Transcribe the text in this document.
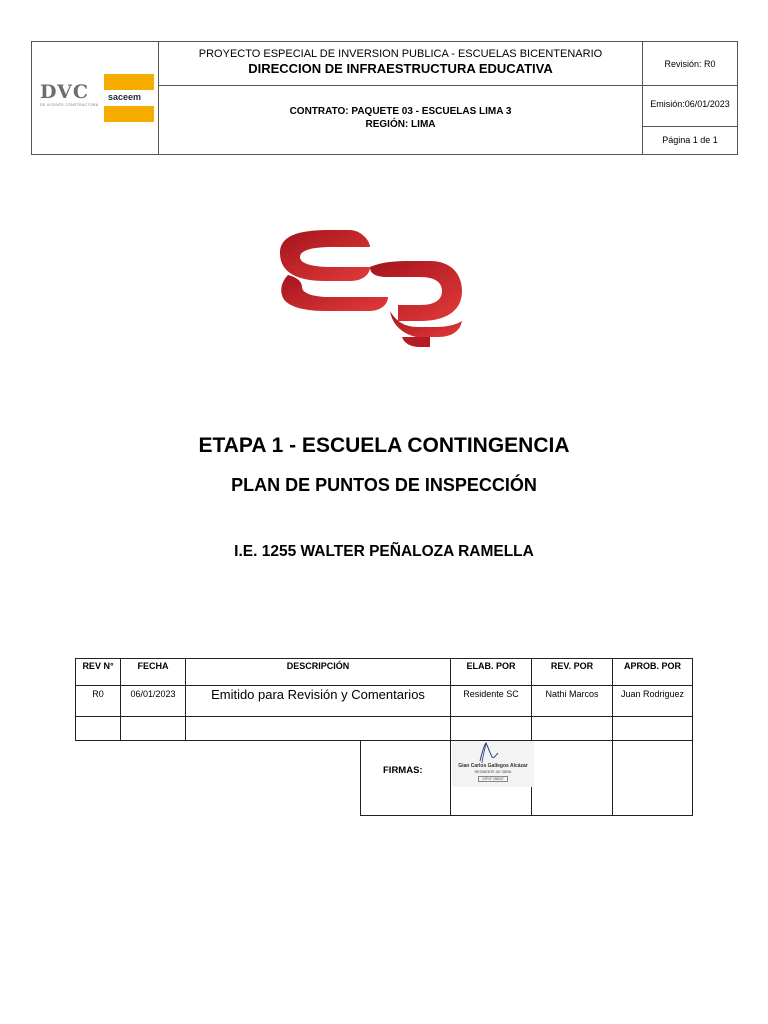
DVC
DE VICENTE CONSTRUCTORA
saceem
PROYECTO ESPECIAL DE INVERSION PUBLICA - ESCUELAS BICENTENARIO
DIRECCION DE INFRAESTRUCTURA EDUCATIVA
CONTRATO: PAQUETE 03 - ESCUELAS LIMA 3
REGIÓN: LIMA
Revisión: R0
Emisión:06/01/2023
Página 1 de 1
ETAPA 1 - ESCUELA CONTINGENCIA
PLAN DE PUNTOS DE INSPECCIÓN
I.E. 1255 WALTER PEÑALOZA RAMELLA
REV N°	FECHA	DESCRIPCIÓN	ELAB. POR	REV. POR	APROB. POR
R0	06/01/2023	Emitido para Revisión y Comentarios	Residente SC	Nathi Marcos	Juan Rodriguez
FIRMAS:	Gian Carlos Gallegos Alcázar
RESIDENTE DE OBRA
CIP N° 155247
